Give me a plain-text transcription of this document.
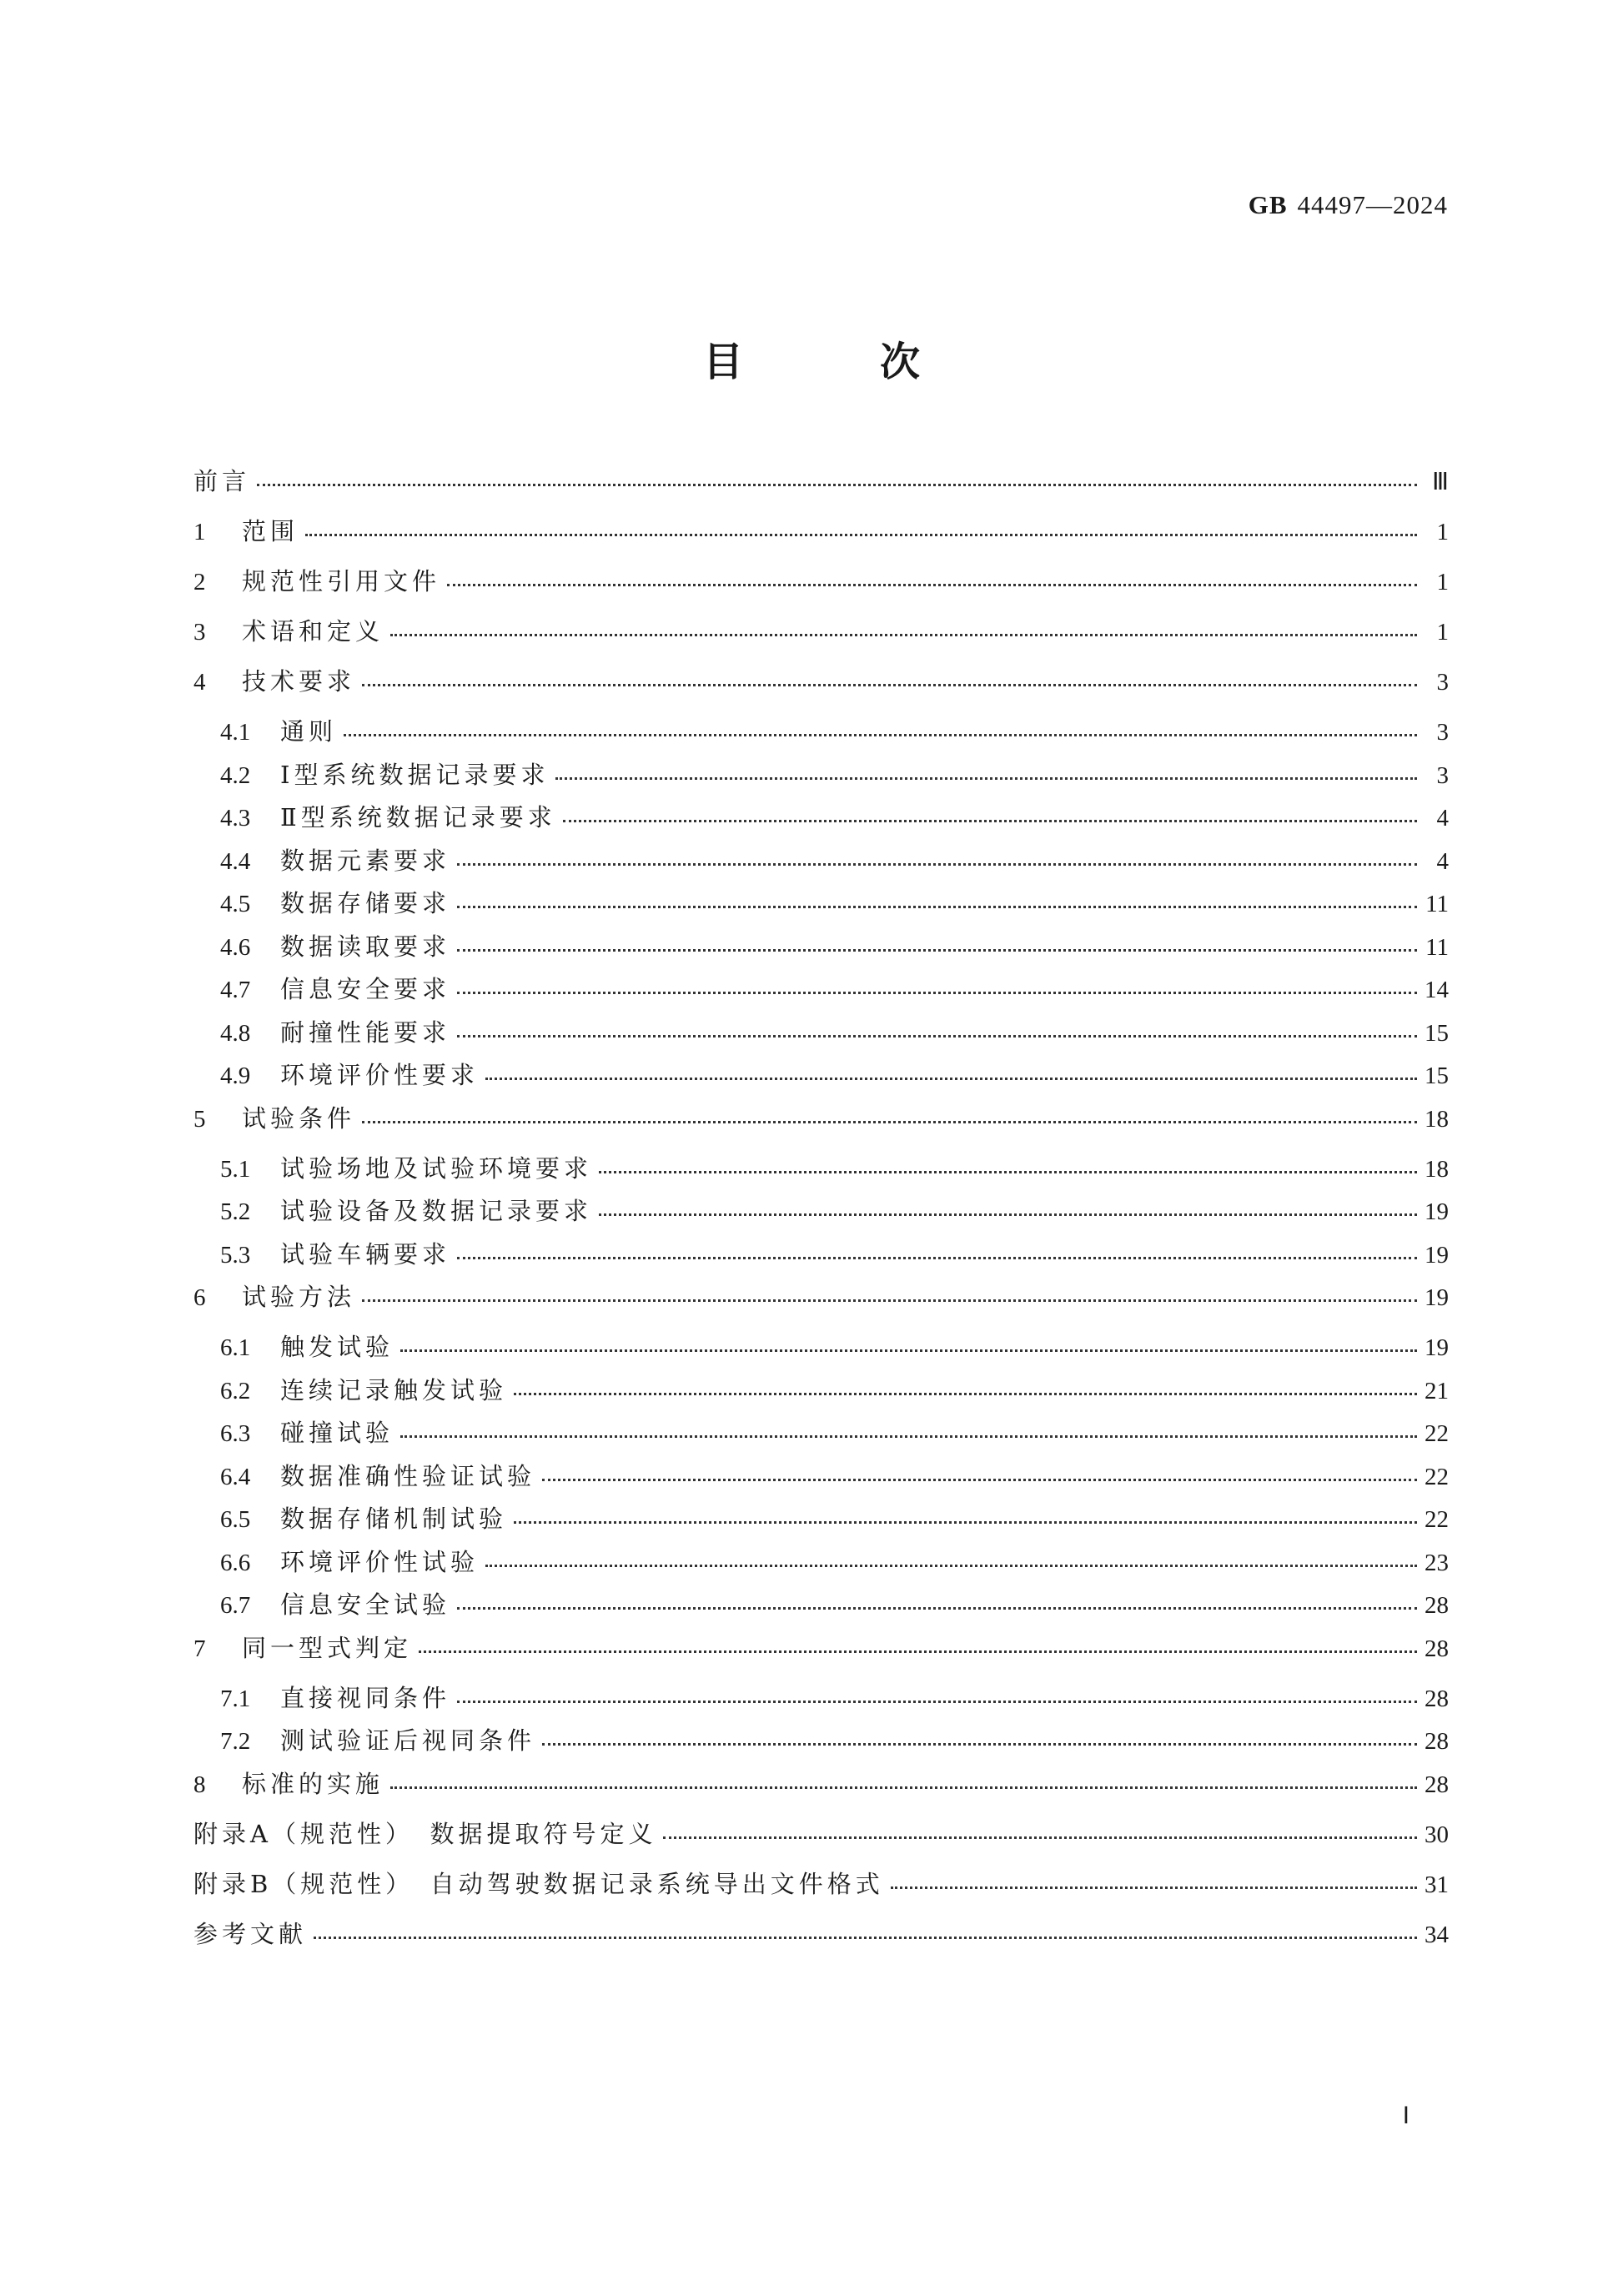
GB 44497—2024
目　次
前言	Ⅲ
1	范围	1
2	规范性引用文件	1
3	术语和定义	1
4	技术要求	3
4.1	通则	3
4.2	Ⅰ型系统数据记录要求	3
4.3	Ⅱ型系统数据记录要求	4
4.4	数据元素要求	4
4.5	数据存储要求	11
4.6	数据读取要求	11
4.7	信息安全要求	14
4.8	耐撞性能要求	15
4.9	环境评价性要求	15
5	试验条件	18
5.1	试验场地及试验环境要求	18
5.2	试验设备及数据记录要求	19
5.3	试验车辆要求	19
6	试验方法	19
6.1	触发试验	19
6.2	连续记录触发试验	21
6.3	碰撞试验	22
6.4	数据准确性验证试验	22
6.5	数据存储机制试验	22
6.6	环境评价性试验	23
6.7	信息安全试验	28
7	同一型式判定	28
7.1	直接视同条件	28
7.2	测试验证后视同条件	28
8	标准的实施	28
附录A（规范性）　数据提取符号定义	30
附录B（规范性）　自动驾驶数据记录系统导出文件格式	31
参考文献	34
Ⅰ
